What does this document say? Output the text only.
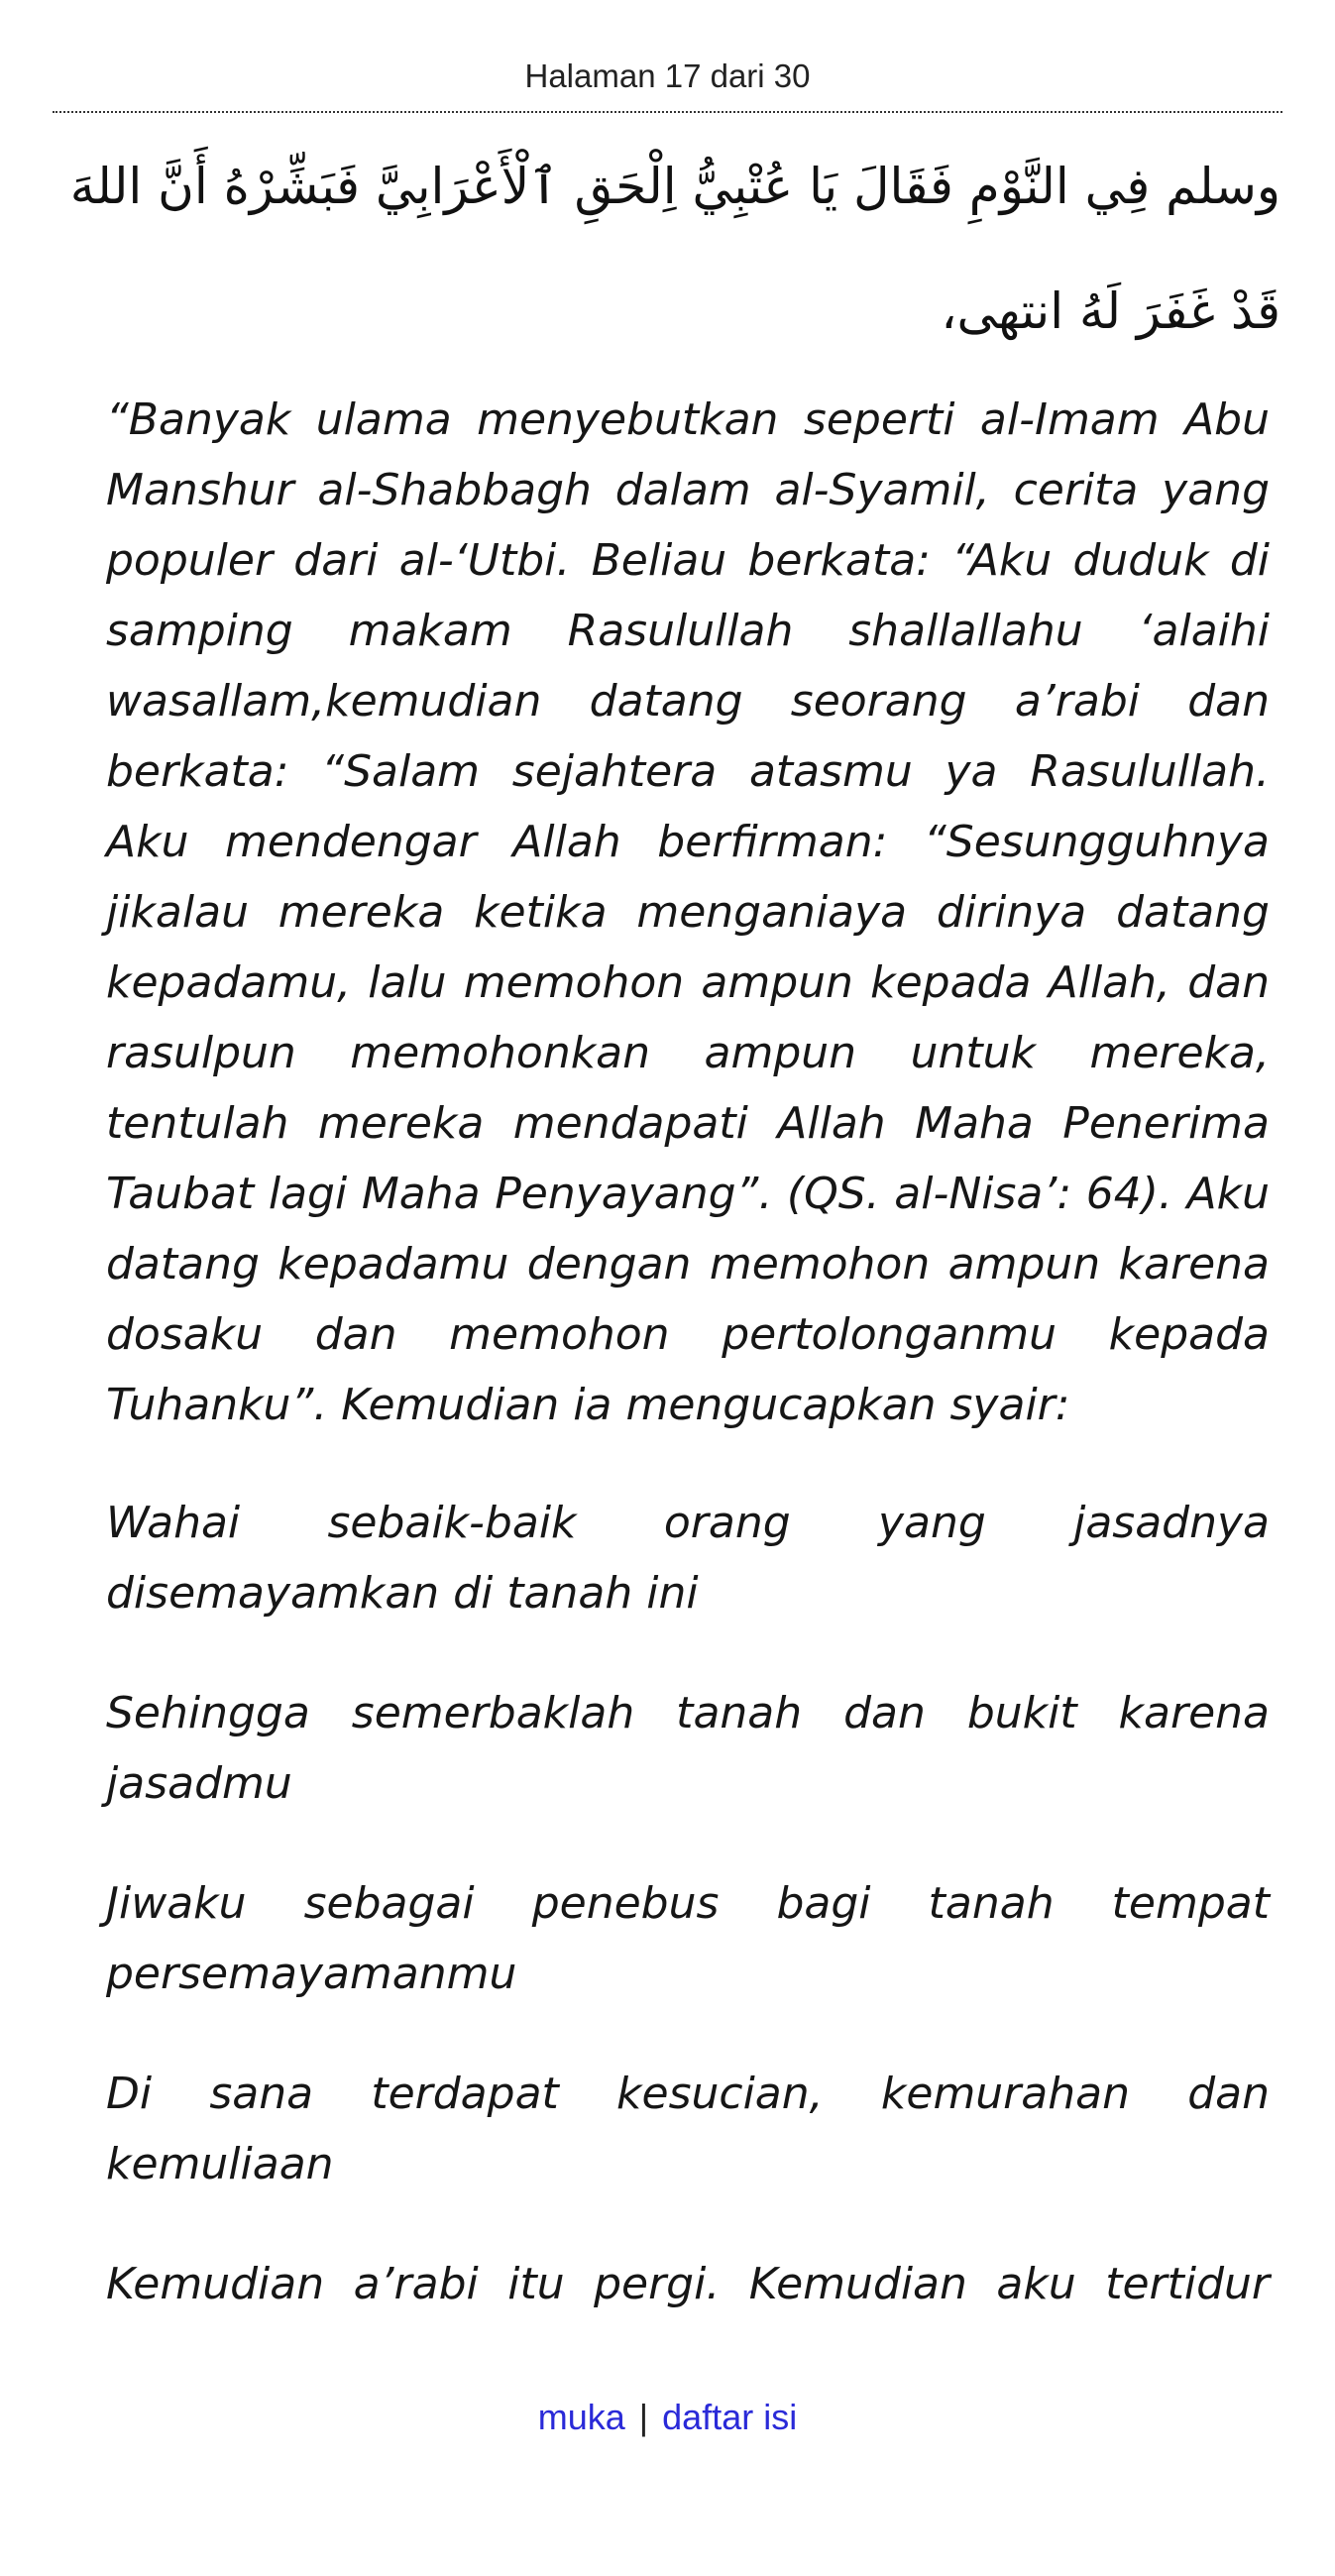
Halaman 17 dari 30
وسلم فِي النَّوْمِ فَقَالَ يَا عُتْبِيُّ اِلْحَقِ ٱلْأَعْرَابِيَّ فَبَشِّرْهُ أَنَّ اللهَ قَدْ غَفَرَ لَهُ انتهى،

“Banyak ulama menyebutkan seperti al-Imam Abu Manshur al-Shabbagh dalam al-Syamil, cerita yang populer dari al-‘Utbi. Beliau berkata: “Aku duduk di samping makam Rasulullah shallallahu ‘alaihi wasallam,kemudian datang seorang a’rabi dan berkata: “Salam sejahtera atasmu ya Rasulullah. Aku mendengar Allah berfirman: “Sesungguhnya jikalau mereka ketika menganiaya dirinya datang kepadamu, lalu memohon ampun kepada Allah, dan rasulpun memohonkan ampun untuk mereka, tentulah mereka mendapati Allah Maha Penerima Taubat lagi Maha Penyayang”. (QS. al-Nisa’: 64). Aku datang kepadamu dengan memohon ampun karena dosaku dan memohon pertolonganmu kepada Tuhanku”. Kemudian ia mengucapkan syair:

Wahai sebaik-baik orang yang jasadnya disemayamkan di tanah ini

Sehingga semerbaklah tanah dan bukit karena jasadmu

Jiwaku sebagai penebus bagi tanah tempat persemayamanmu

Di sana terdapat kesucian, kemurahan dan kemuliaan

Kemudian a’rabi itu pergi. Kemudian aku tertidur

muka | daftar isi
